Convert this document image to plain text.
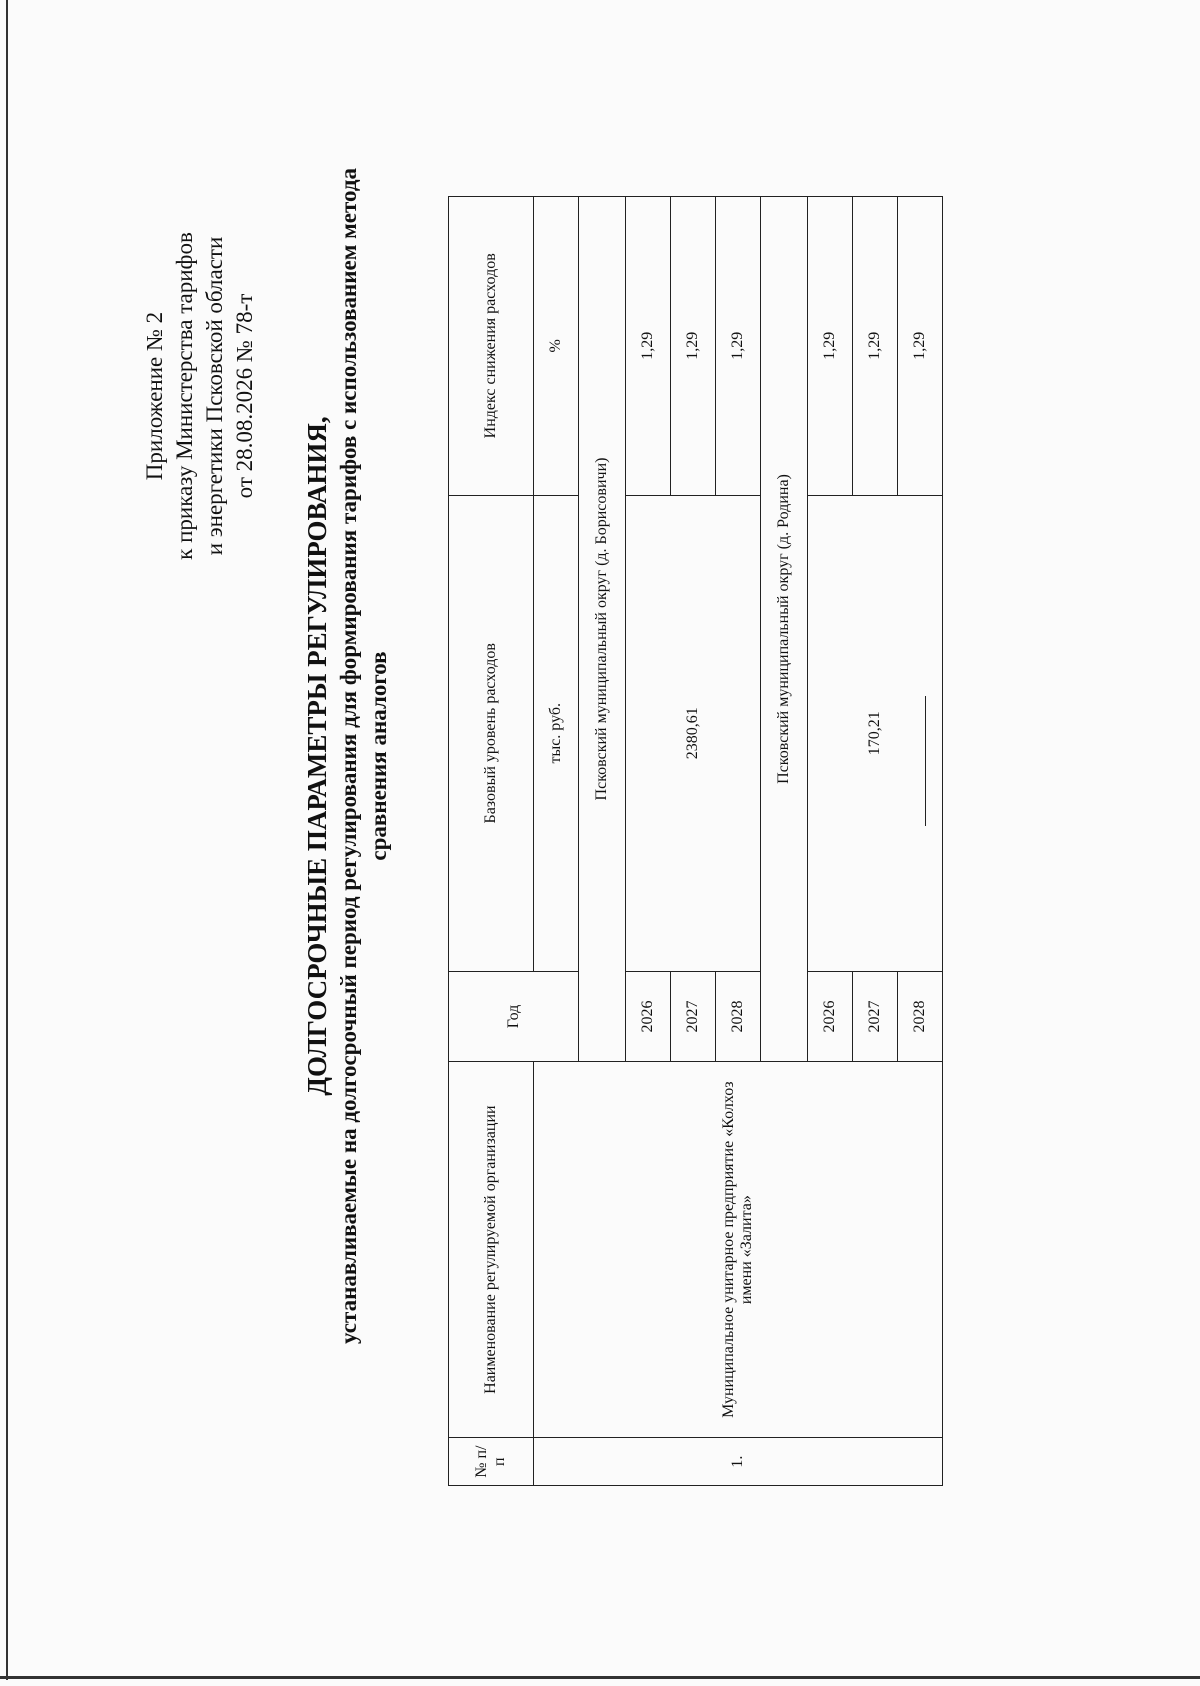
Приложение № 2 к приказу Министерства тарифов и энергетики Псковской области от 28.08.2026 № 78-т
ДОЛГОСРОЧНЫЕ ПАРАМЕТРЫ РЕГУЛИРОВАНИЯ, устанавливаемые на долгосрочный период регулирования для формирования тарифов с использованием метода сравнения аналогов
№ п/п	Наименование регулируемой организации	Год	Базовый уровень расходов	Индекс снижения расходов
1.	Муниципальное унитарное предприятие «Колхоз имени «Залита»		тыс. руб.	%
		Псковский муниципальный округ (д. Борисовичи)		
		2026	2380,61	1,29
		2027		1,29
		2028		1,29
		Псковский муниципальный округ (д. Родина)		
		2026	170,21	1,29
		2027		1,29
		2028		1,29
